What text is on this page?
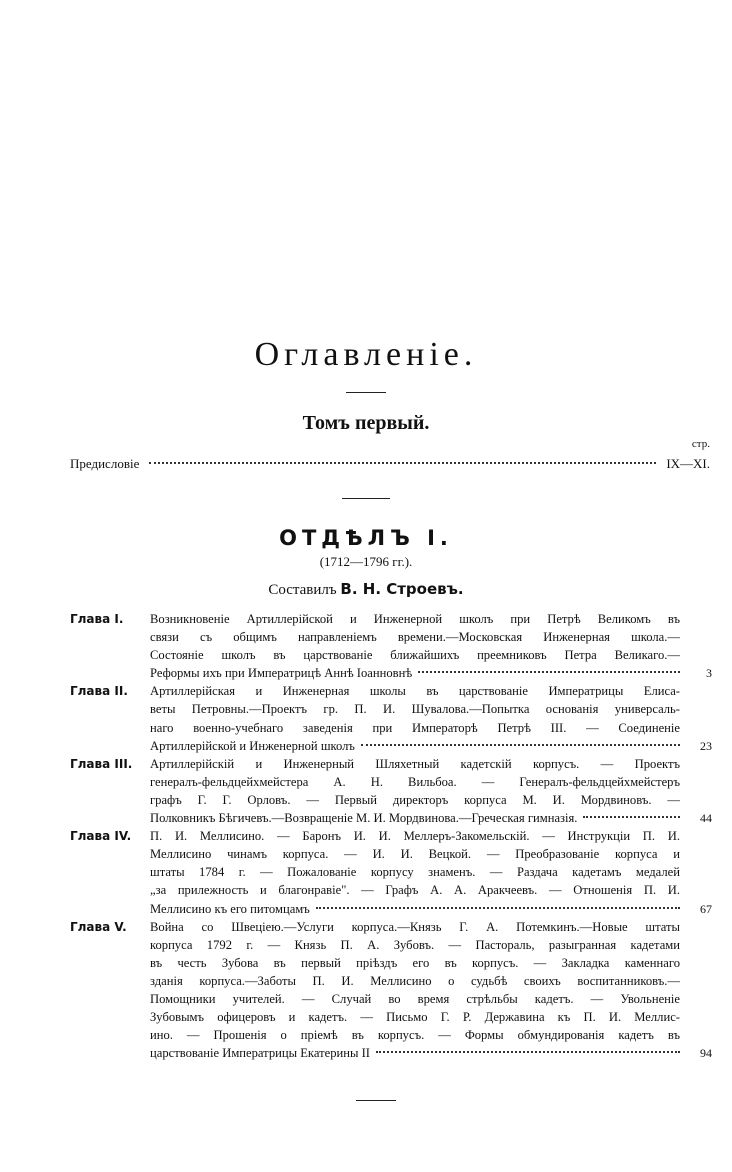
Оглавленіе.
Томъ первый.
стр.
Предисловіе	IX—XI.
ОТДѢЛЪ I.
(1712—1796 гг.).
Составилъ В. Н. Строевъ.
Глава I.	Возникновеніе Артиллерійской и Инженерной школъ при Петрѣ Великомъ въ
связи съ общимъ направленіемъ времени.—Московская Инженерная школа.—
Состояніе школъ въ царствованіе ближайшихъ преемниковъ Петра Великаго.—
Реформы ихъ при Императрицѣ Аннѣ Іоанновнѣ	3
Глава II.	Артиллерійская и Инженерная школы въ царствованіе Императрицы Елиса-
веты Петровны.—Проектъ гр. П. И. Шувалова.—Попытка основанія универсаль-
наго военно-учебнаго заведенія при Императорѣ Петрѣ III. — Соединеніе
Артиллерійской и Инженерной школъ	23
Глава III.	Артиллерійскій и Инженерный Шляхетный кадетскій корпусъ. — Проектъ
генералъ-фельдцейхмейстера А. Н. Вильбоа. — Генералъ-фельдцейхмейстеръ
графъ Г. Г. Орловъ. — Первый директоръ корпуса М. И. Мордвиновъ. —
Полковникъ Бѣгичевъ.—Возвращеніе М. И. Мордвинова.—Греческая гимназія.	44
Глава IV.	П. И. Меллисино. — Баронъ И. И. Меллеръ-Закомельскій. — Инструкціи П. И.
Меллисино чинамъ корпуса. — И. И. Вецкой. — Преобразованіе корпуса и
штаты 1784 г. — Пожалованіе корпусу знаменъ. — Раздача кадетамъ медалей
„за прилежность и благонравіе". — Графъ А. А. Аракчеевъ. — Отношенія П. И.
Меллисино къ его питомцамъ	67
Глава V.	Война со Швеціею.—Услуги корпуса.—Князь Г. А. Потемкинъ.—Новые штаты
корпуса 1792 г. — Князь П. А. Зубовъ. — Пастораль, разыгранная кадетами
въ честь Зубова въ первый пріѣздъ его въ корпусъ. — Закладка каменнаго
зданія корпуса.—Заботы П. И. Меллисино о судьбѣ своихъ воспитанниковъ.—
Помощники учителей. — Случай во время стрѣльбы кадетъ. — Увольненіе
Зубовымъ офицеровъ и кадетъ. — Письмо Г. Р. Державина къ П. И. Меллис-
ино. — Прошенія о пріемѣ въ корпусъ. — Формы обмундированія кадетъ въ
царствованіе Императрицы Екатерины II	94
